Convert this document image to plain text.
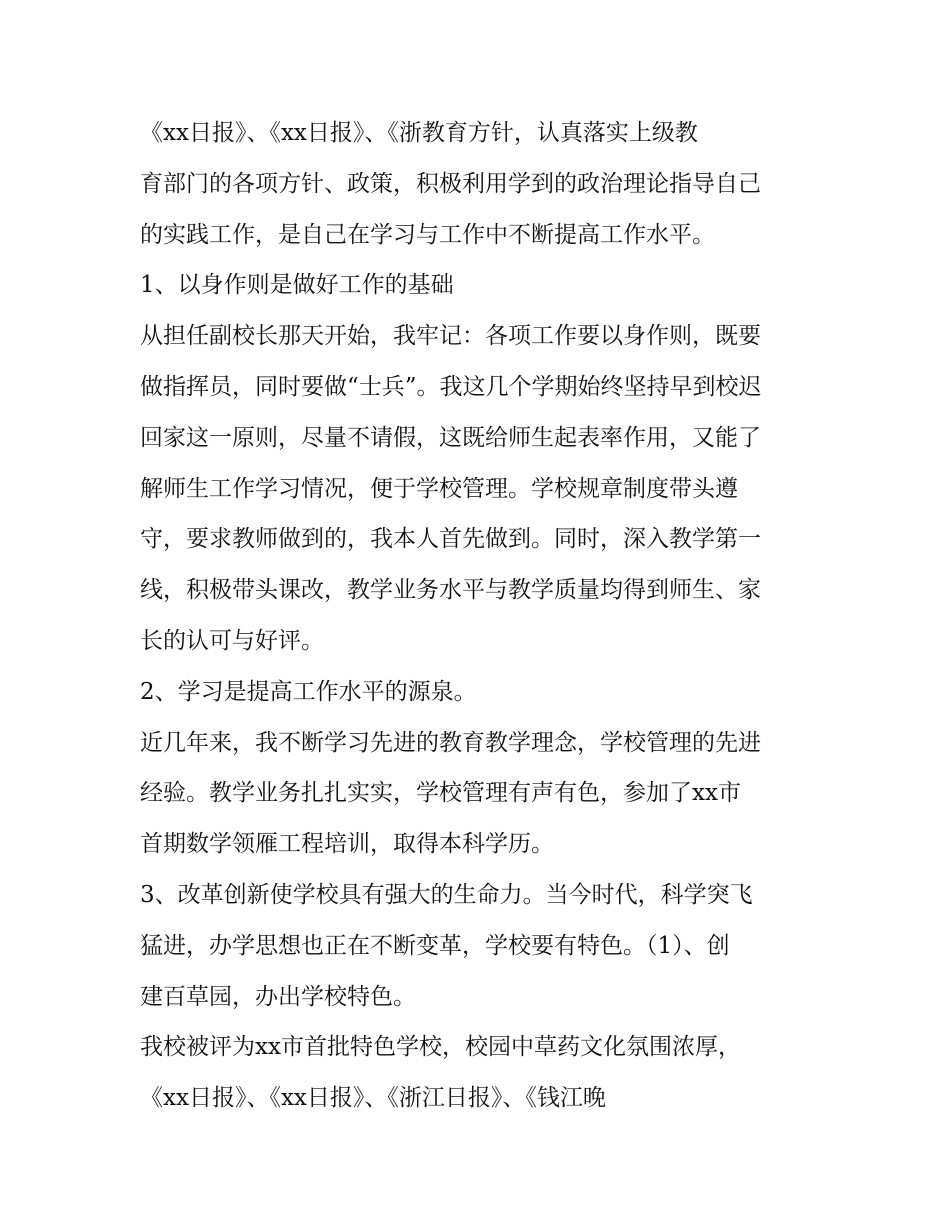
《xx日报》、《xx日报》、《浙教育方针，认真落实上级教
育部门的各项方针、政策，积极利用学到的政治理论指导自己
的实践工作，是自己在学习与工作中不断提高工作水平。
1、以身作则是做好工作的基础
从担任副校长那天开始，我牢记：各项工作要以身作则，既要
做指挥员，同时要做“士兵”。我这几个学期始终坚持早到校迟
回家这一原则，尽量不请假，这既给师生起表率作用，又能了
解师生工作学习情况，便于学校管理。学校规章制度带头遵
守，要求教师做到的，我本人首先做到。同时，深入教学第一
线，积极带头课改，教学业务水平与教学质量均得到师生、家
长的认可与好评。
2、学习是提高工作水平的源泉。
近几年来，我不断学习先进的教育教学理念，学校管理的先进
经验。教学业务扎扎实实，学校管理有声有色，参加了xx市
首期数学领雁工程培训，取得本科学历。
3、改革创新使学校具有强大的生命力。当今时代，科学突飞
猛进，办学思想也正在不断变革，学校要有特色。（1）、创
建百草园，办出学校特色。
我校被评为xx市首批特色学校，校园中草药文化氛围浓厚，
《xx日报》、《xx日报》、《浙江日报》、《钱江晚
